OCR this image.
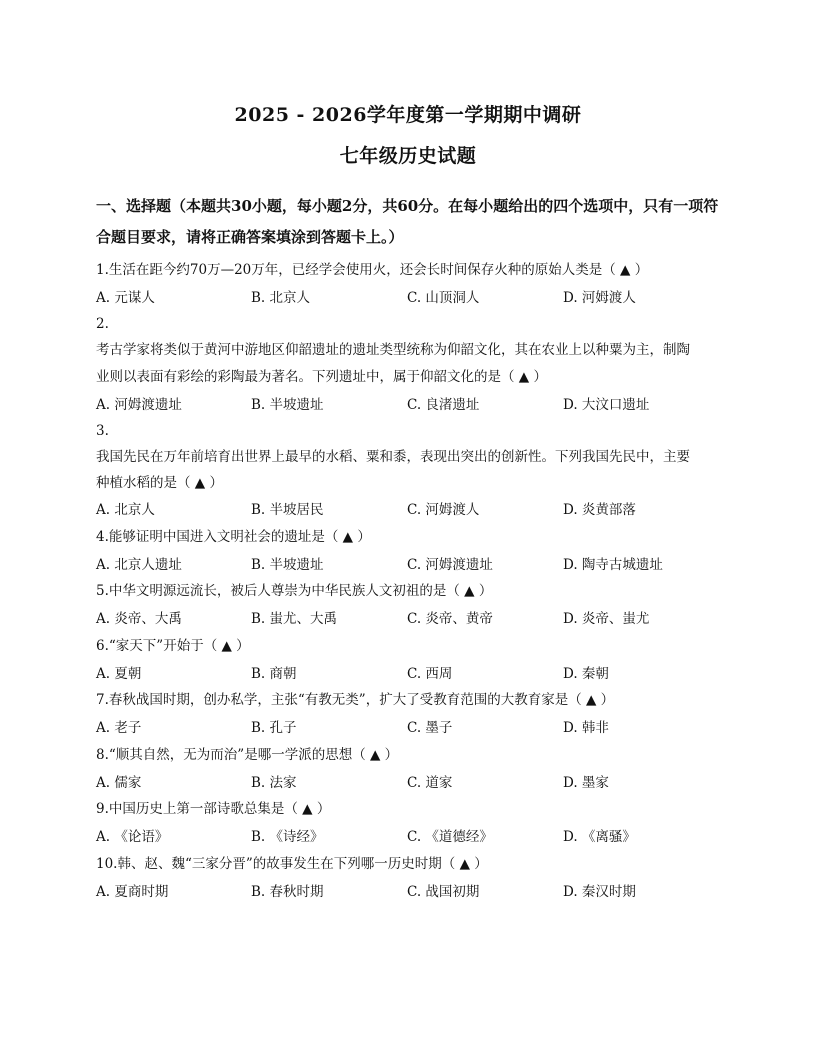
2025 - 2026学年度第一学期期中调研
七年级历史试题
一、选择题（本题共30小题，每小题2分，共60分。在每小题给出的四个选项中，只有一项符合题目要求，请将正确答案填涂到答题卡上。）
1.生活在距今约70万—20万年，已经学会使用火，还会长时间保存火种的原始人类是（ ▲ ）
A. 元谋人	B. 北京人	C. 山顶洞人	D. 河姆渡人
2.
考古学家将类似于黄河中游地区仰韶遗址的遗址类型统称为仰韶文化，其在农业上以种粟为主，制陶
业则以表面有彩绘的彩陶最为著名。下列遗址中，属于仰韶文化的是（ ▲ ）
A. 河姆渡遗址	B. 半坡遗址	C. 良渚遗址	D. 大汶口遗址
3.
我国先民在万年前培育出世界上最早的水稻、粟和黍，表现出突出的创新性。下列我国先民中，主要
种植水稻的是（ ▲ ）
A. 北京人	B. 半坡居民	C. 河姆渡人	D. 炎黄部落
4.能够证明中国进入文明社会的遗址是（ ▲ ）
A. 北京人遗址	B. 半坡遗址	C. 河姆渡遗址	D. 陶寺古城遗址
5.中华文明源远流长，被后人尊崇为中华民族人文初祖的是（ ▲ ）
A. 炎帝、大禹	B. 蚩尤、大禹	C. 炎帝、黄帝	D. 炎帝、蚩尤
6.“家天下”开始于（ ▲ ）
A. 夏朝	B. 商朝	C. 西周	D. 秦朝
7.春秋战国时期，创办私学，主张“有教无类”，扩大了受教育范围的大教育家是（ ▲ ）
A. 老子	B. 孔子	C. 墨子	D. 韩非
8.“顺其自然，无为而治”是哪一学派的思想（ ▲ ）
A. 儒家	B. 法家	C. 道家	D. 墨家
9.中国历史上第一部诗歌总集是（ ▲ ）
A. 《论语》	B. 《诗经》	C. 《道德经》	D. 《离骚》
10.韩、赵、魏“三家分晋”的故事发生在下列哪一历史时期（ ▲ ）
A. 夏商时期	B. 春秋时期	C. 战国初期	D. 秦汉时期
